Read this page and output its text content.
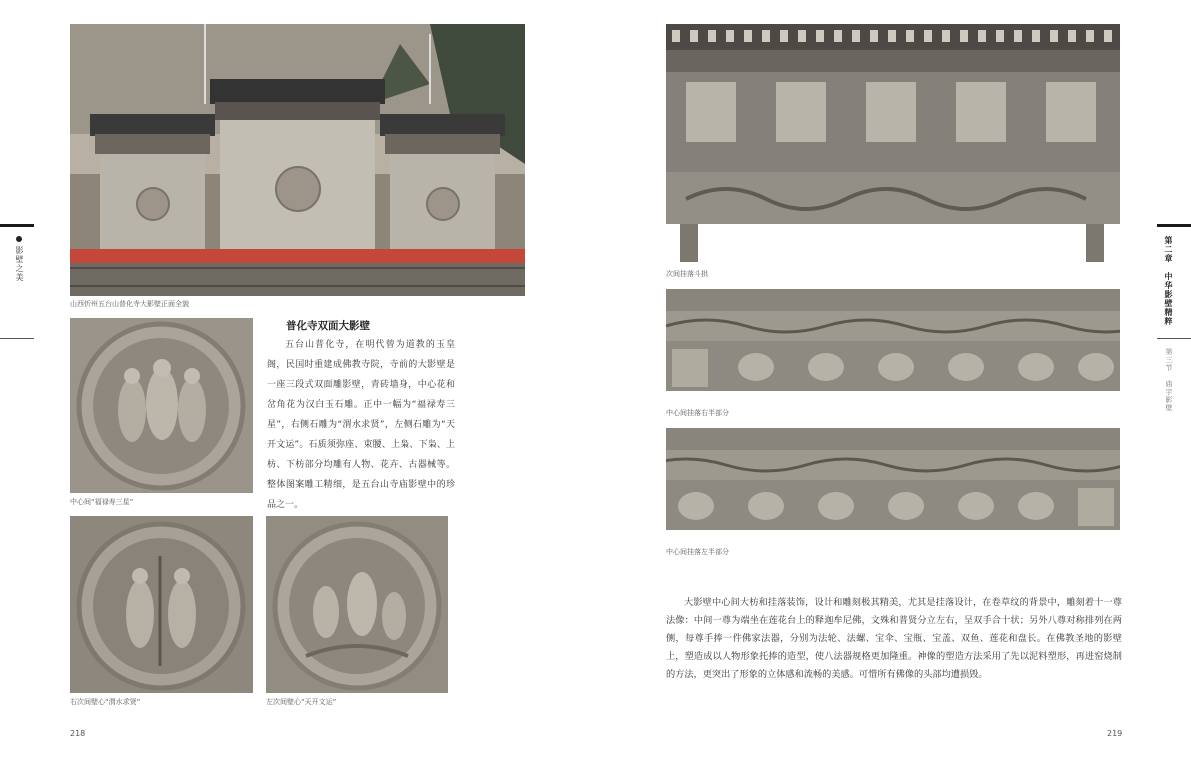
影壁之美
山西忻州五台山普化寺大影壁正面全貌
中心间“福禄寿三星”
普化寺双面大影壁
五台山普化寺，在明代曾为道教的玉皇阁，民国时重建成佛教寺院，寺前的大影壁是一座三段式双面雕影壁，青砖墙身，中心花和岔角花为汉白玉石雕。正中一幅为“福禄寿三星”，右侧石雕为“渭水求贤”，左侧石雕为“天开文运”。石质须弥座、束腰、上枭、下枭、上枋、下枋部分均雕有人物、花卉、古器械等。整体图案雕工精细，是五台山寺庙影壁中的珍品之一。
右次间壁心“渭水求贤”	左次间壁心“天开文运”
218
次间挂落斗拱
中心间挂落右半部分
中心间挂落左半部分
大影壁中心间大枋和挂落装饰，设计和雕刻极其精美，尤其是挂落设计，在卷草纹的背景中，雕刻着十一尊法像：中间一尊为端坐在莲花台上的释迦牟尼佛，文殊和普贤分立左右，呈双手合十状；另外八尊对称排列在两侧，每尊手捧一件佛家法器，分别为法轮、法螺、宝伞、宝瓶、宝盖、双鱼、莲花和盘长。在佛教圣地的影壁上，塑造成以人物形象托捧的造型，使八法器规格更加隆重。神像的塑造方法采用了先以泥料塑形，再进窑烧制的方法，更突出了形象的立体感和流畅的美感。可惜所有佛像的头部均遭损毁。
219
第二章　中华影壁精粹
第三节　庙宇影壁
